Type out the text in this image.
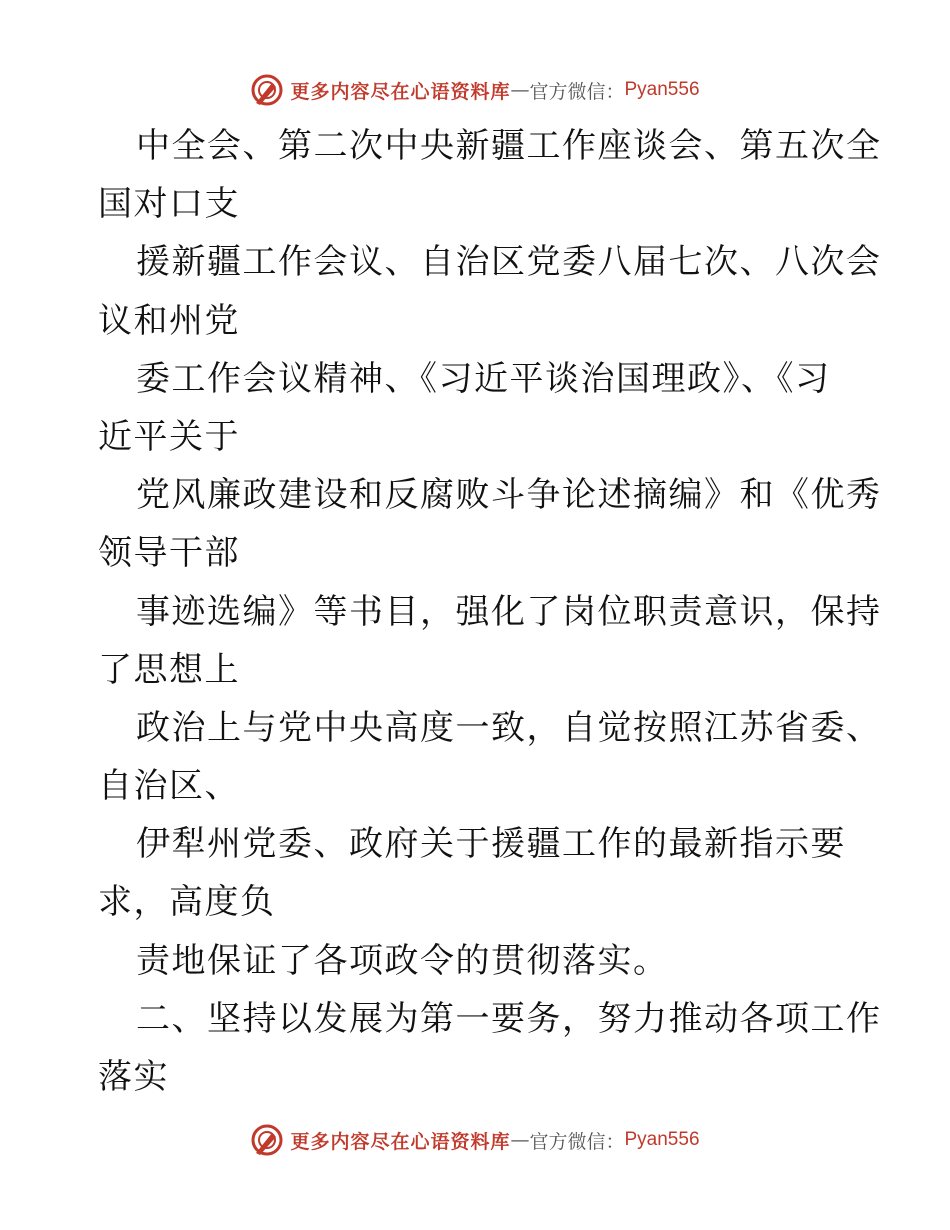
更多内容尽在心语资料库 — 官方微信： Pyan556
中全会、第二次中央新疆工作座谈会、第五次全
国对口支
援新疆工作会议、自治区党委八届七次、八次会
议和州党
委工作会议精神、《习近平谈治国理政》、《习
近平关于
党风廉政建设和反腐败斗争论述摘编》和《优秀
领导干部
事迹选编》等书目，强化了岗位职责意识，保持
了思想上
政治上与党中央高度一致，自觉按照江苏省委、
自治区、
伊犁州党委、政府关于援疆工作的最新指示要
求，高度负
责地保证了各项政令的贯彻落实。
二、坚持以发展为第一要务，努力推动各项工作
落实
更多内容尽在心语资料库 — 官方微信： Pyan556
